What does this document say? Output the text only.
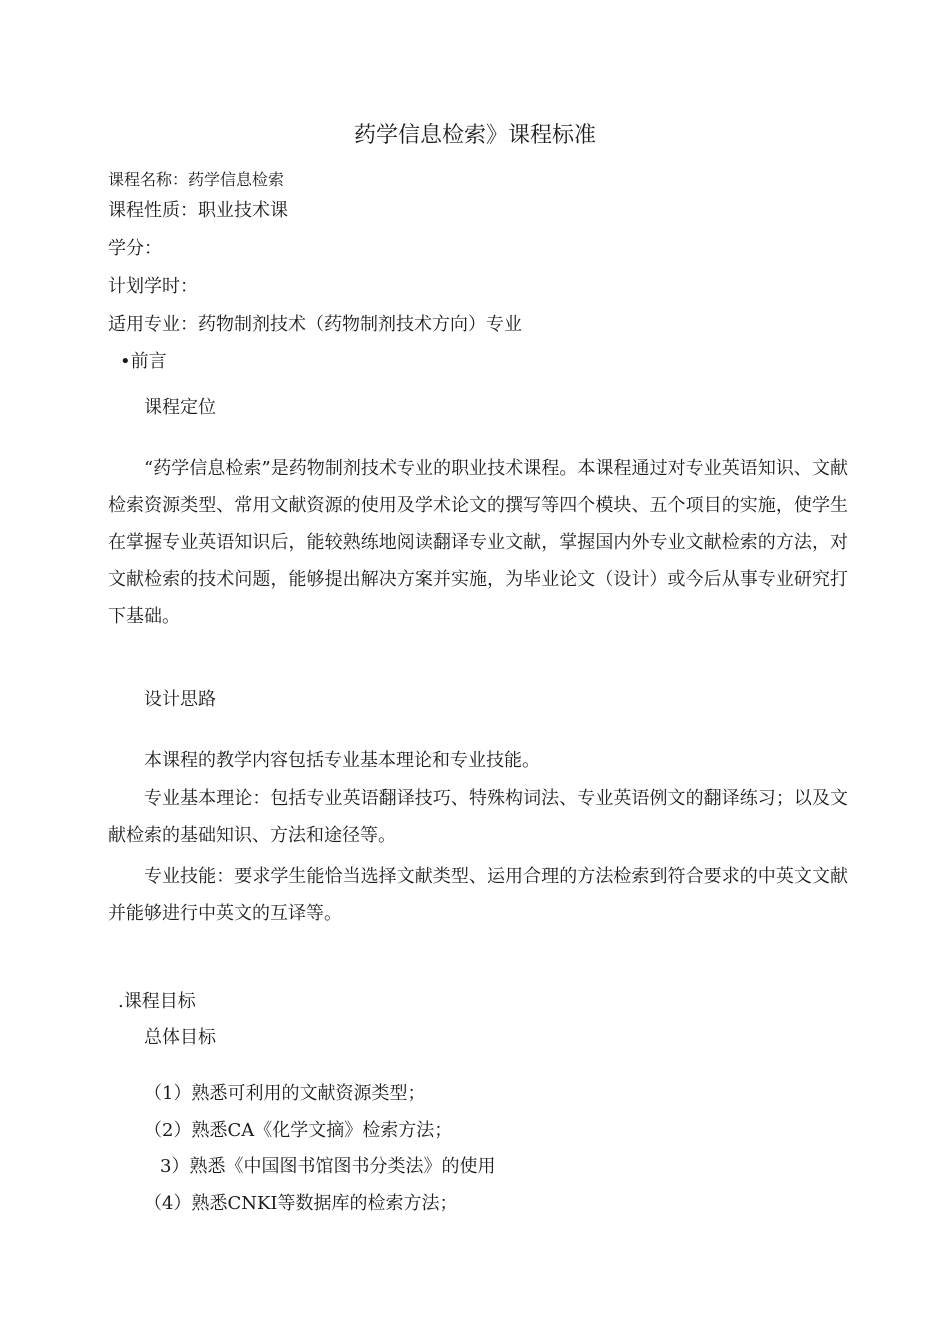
药学信息检索》课程标准
课程名称：药学信息检索
课程性质：职业技术课
学分：
计划学时：
适用专业：药物制剂技术（药物制剂技术方向）专业
•前言
课程定位
“药学信息检索”是药物制剂技术专业的职业技术课程。本课程通过对专业英语知识、文献检索资源类型、常用文献资源的使用及学术论文的撰写等四个模块、五个项目的实施，使学生在掌握专业英语知识后，能较熟练地阅读翻译专业文献，掌握国内外专业文献检索的方法，对文献检索的技术问题，能够提出解决方案并实施，为毕业论文（设计）或今后从事专业研究打下基础。
设计思路
本课程的教学内容包括专业基本理论和专业技能。
专业基本理论：包括专业英语翻译技巧、特殊构词法、专业英语例文的翻译练习；以及文献检索的基础知识、方法和途径等。
专业技能：要求学生能恰当选择文献类型、运用合理的方法检索到符合要求的中英文文献并能够进行中英文的互译等。
.课程目标
总体目标
（1）熟悉可利用的文献资源类型；
（2）熟悉CA《化学文摘》检索方法；
3）熟悉《中国图书馆图书分类法》的使用
（4）熟悉CNKI等数据库的检索方法；
